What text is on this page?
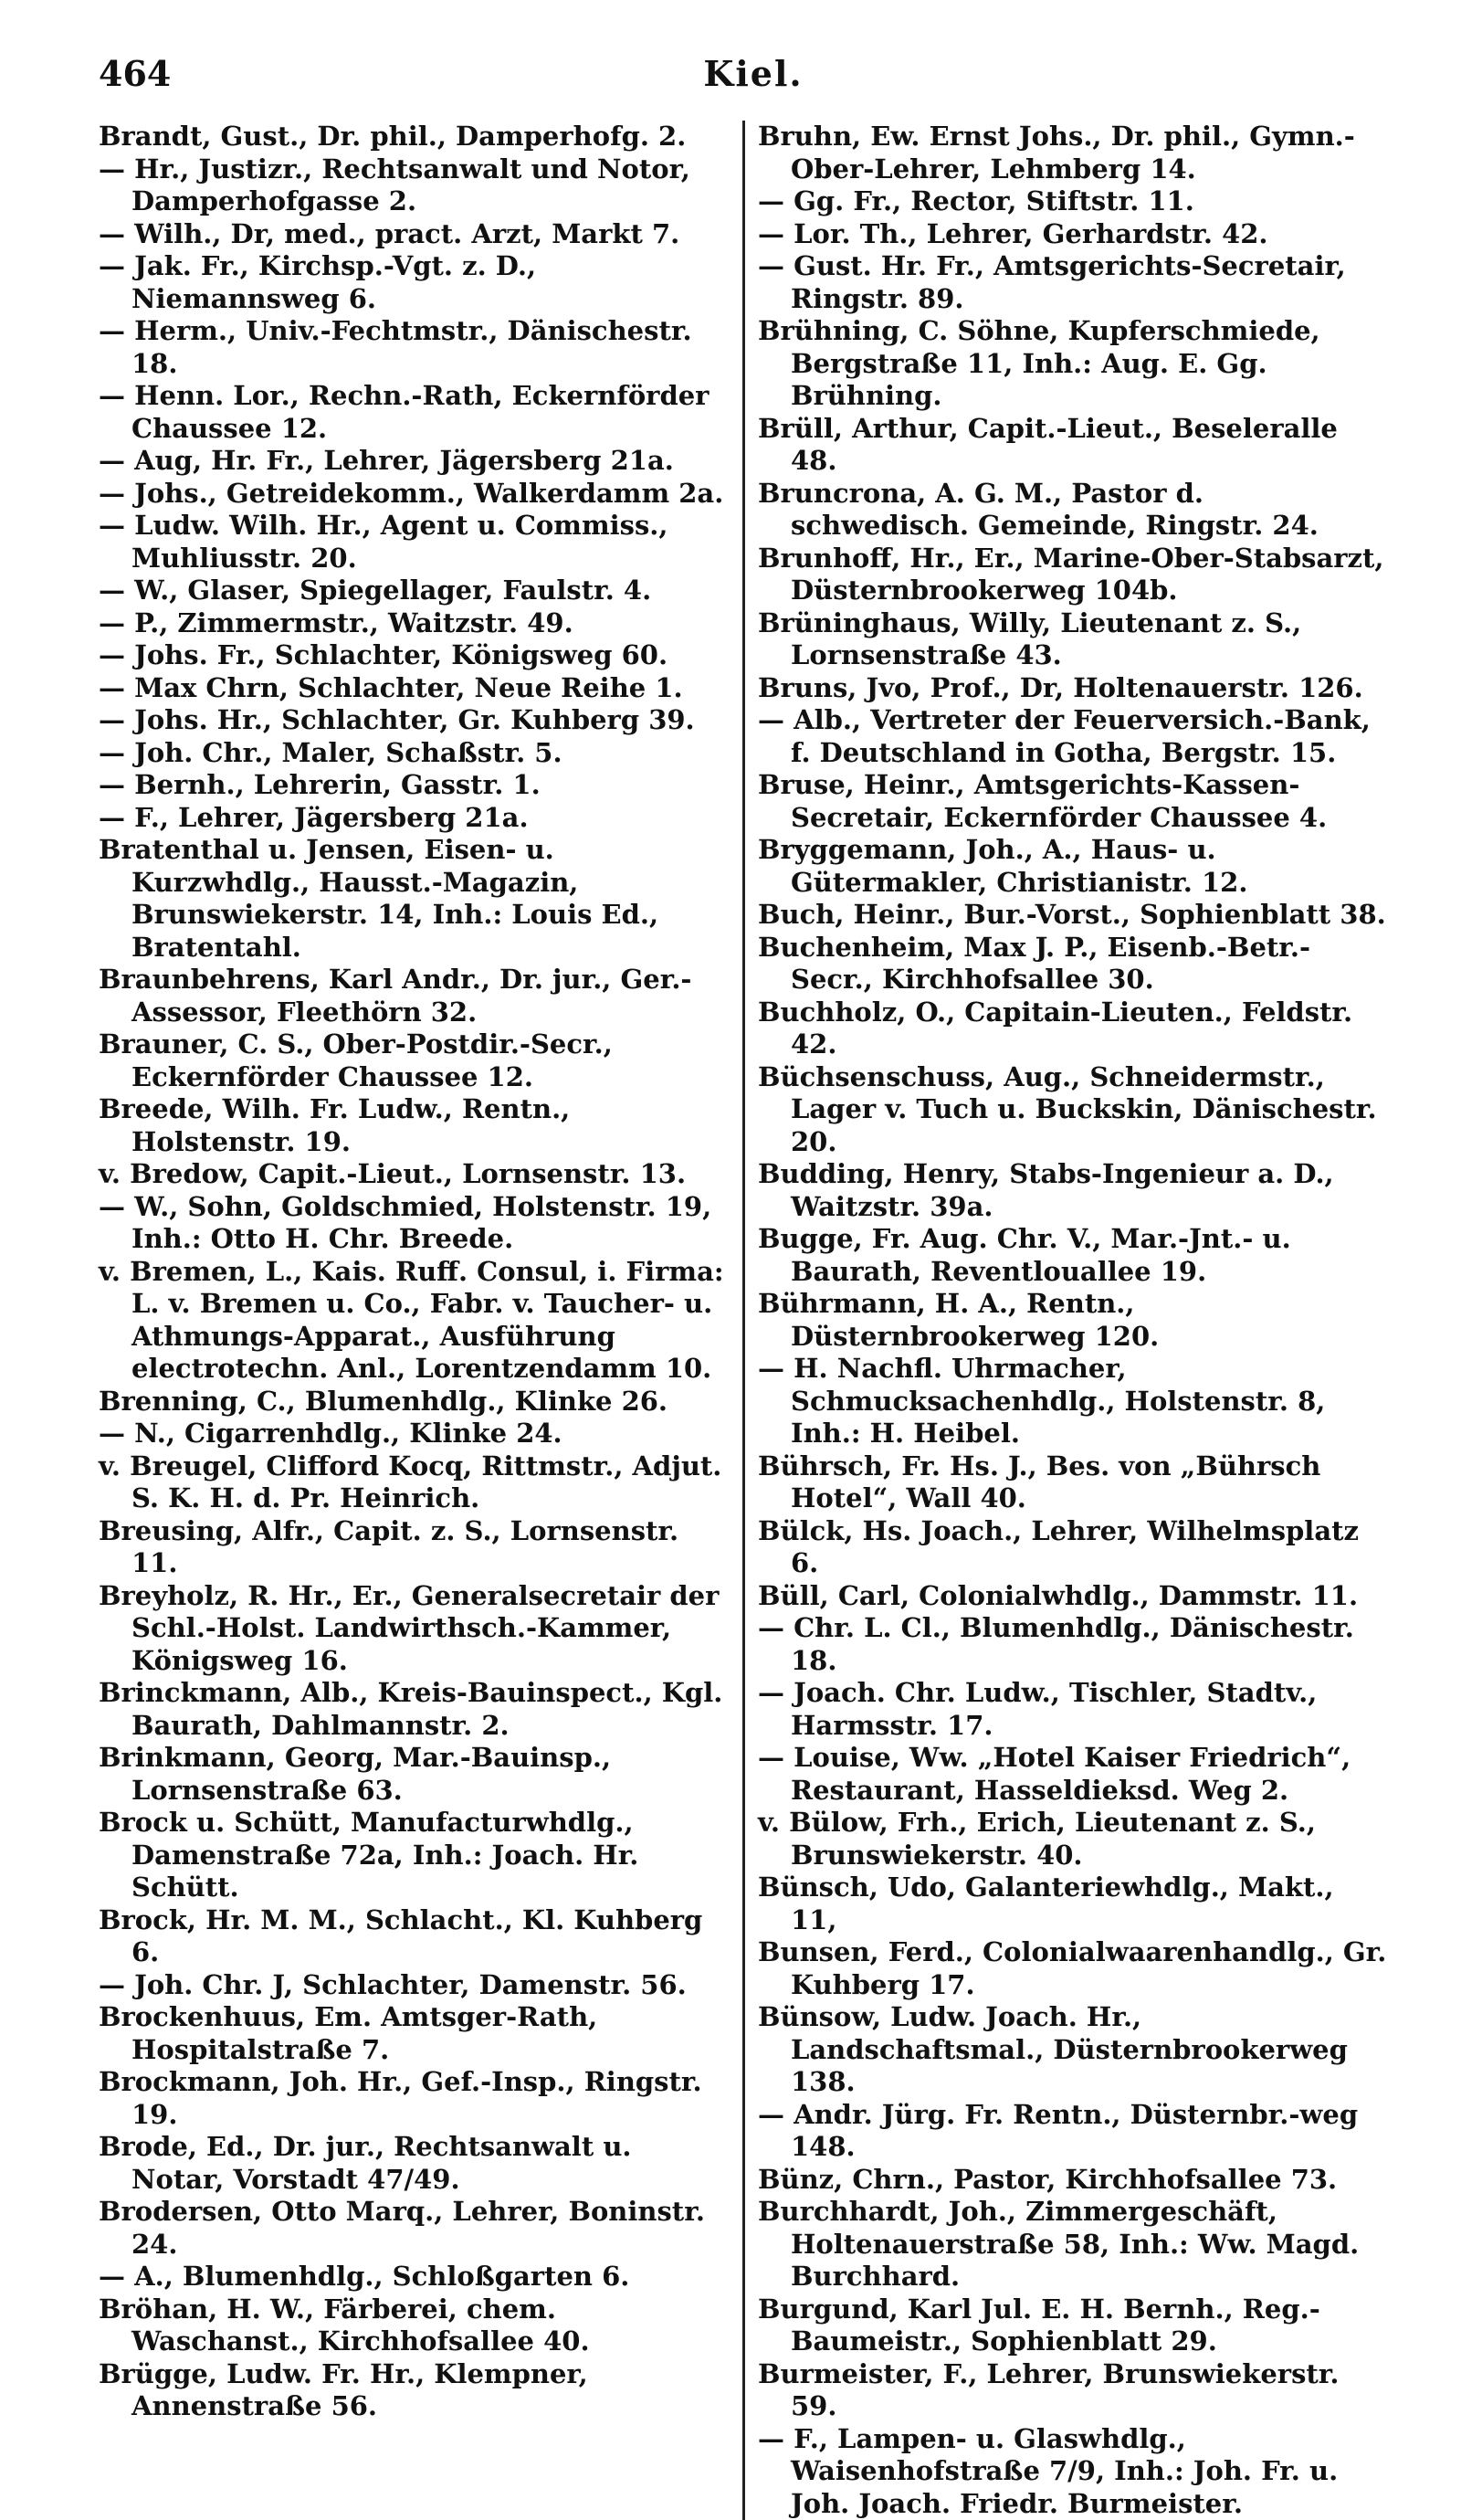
464	Kiel.
Brandt, Gust., Dr. phil., Damperhofg. 2.
— Hr., Justizr., Rechtsanwalt und Notor, Damperhofgasse 2.
— Wilh., Dr, med., pract. Arzt, Markt 7.
— Jak. Fr., Kirchsp.-Vgt. z. D., Niemannsweg 6.
— Herm., Univ.-Fechtmstr., Dänischestr. 18.
— Henn. Lor., Rechn.-Rath, Eckernförder Chaussee 12.
— Aug, Hr. Fr., Lehrer, Jägersberg 21a.
— Johs., Getreidekomm., Walkerdamm 2a.
— Ludw. Wilh. Hr., Agent u. Commiss., Muhliusstr. 20.
— W., Glaser, Spiegellager, Faulstr. 4.
— P., Zimmermstr., Waitzstr. 49.
— Johs. Fr., Schlachter, Königsweg 60.
— Max Chrn, Schlachter, Neue Reihe 1.
— Johs. Hr., Schlachter, Gr. Kuhberg 39.
— Joh. Chr., Maler, Schaßstr. 5.
— Bernh., Lehrerin, Gasstr. 1.
— F., Lehrer, Jägersberg 21a.
Bratenthal u. Jensen, Eisen- u. Kurzwhdlg., Hausst.-Magazin, Brunswiekerstr. 14, Inh.: Louis Ed., Bratentahl.
Braunbehrens, Karl Andr., Dr. jur., Ger.-Assessor, Fleethörn 32.
Brauner, C. S., Ober-Postdir.-Secr., Eckernförder Chaussee 12.
Breede, Wilh. Fr. Ludw., Rentn., Holstenstr. 19.
v. Bredow, Capit.-Lieut., Lornsenstr. 13.
— W., Sohn, Goldschmied, Holstenstr. 19, Inh.: Otto H. Chr. Breede.
v. Bremen, L., Kais. Ruff. Consul, i. Firma: L. v. Bremen u. Co., Fabr. v. Taucher- u. Athmungs-Apparat., Ausführung electrotechn. Anl., Lorentzendamm 10.
Brenning, C., Blumenhdlg., Klinke 26.
— N., Cigarrenhdlg., Klinke 24.
v. Breugel, Clifford Kocq, Rittmstr., Adjut. S. K. H. d. Pr. Heinrich.
Breusing, Alfr., Capit. z. S., Lornsenstr. 11.
Breyholz, R. Hr., Er., Generalsecretair der Schl.-Holst. Landwirthsch.-Kammer, Königsweg 16.
Brinckmann, Alb., Kreis-Bauinspect., Kgl. Baurath, Dahlmannstr. 2.
Brinkmann, Georg, Mar.-Bauinsp., Lornsenstraße 63.
Brock u. Schütt, Manufacturwhdlg., Damenstraße 72a, Inh.: Joach. Hr. Schütt.
Brock, Hr. M. M., Schlacht., Kl. Kuhberg 6.
— Joh. Chr. J, Schlachter, Damenstr. 56.
Brockenhuus, Em. Amtsger-Rath, Hospitalstraße 7.
Brockmann, Joh. Hr., Gef.-Insp., Ringstr. 19.
Brode, Ed., Dr. jur., Rechtsanwalt u. Notar, Vorstadt 47/49.
Brodersen, Otto Marq., Lehrer, Boninstr. 24.
— A., Blumenhdlg., Schloßgarten 6.
Bröhan, H. W., Färberei, chem. Waschanst., Kirchhofsallee 40.
Brügge, Ludw. Fr. Hr., Klempner, Annenstraße 56.
Bruhn, Ew. Ernst Johs., Dr. phil., Gymn.-Ober-Lehrer, Lehmberg 14.
— Gg. Fr., Rector, Stiftstr. 11.
— Lor. Th., Lehrer, Gerhardstr. 42.
— Gust. Hr. Fr., Amtsgerichts-Secretair, Ringstr. 89.
Brühning, C. Söhne, Kupferschmiede, Bergstraße 11, Inh.: Aug. E. Gg. Brühning.
Brüll, Arthur, Capit.-Lieut., Beseleralle 48.
Bruncrona, A. G. M., Pastor d. schwedisch. Gemeinde, Ringstr. 24.
Brunhoff, Hr., Er., Marine-Ober-Stabsarzt, Düsternbrookerweg 104b.
Brüninghaus, Willy, Lieutenant z. S., Lornsenstraße 43.
Bruns, Jvo, Prof., Dr, Holtenauerstr. 126.
— Alb., Vertreter der Feuerversich.-Bank, f. Deutschland in Gotha, Bergstr. 15.
Bruse, Heinr., Amtsgerichts-Kassen-Secretair, Eckernförder Chaussee 4.
Bryggemann, Joh., A., Haus- u. Gütermakler, Christianistr. 12.
Buch, Heinr., Bur.-Vorst., Sophienblatt 38.
Buchenheim, Max J. P., Eisenb.-Betr.-Secr., Kirchhofsallee 30.
Buchholz, O., Capitain-Lieuten., Feldstr. 42.
Büchsenschuss, Aug., Schneidermstr., Lager v. Tuch u. Buckskin, Dänischestr. 20.
Budding, Henry, Stabs-Ingenieur a. D., Waitzstr. 39a.
Bugge, Fr. Aug. Chr. V., Mar.-Jnt.- u. Baurath, Reventlouallee 19.
Bührmann, H. A., Rentn., Düsternbrookerweg 120.
— H. Nachfl. Uhrmacher, Schmucksachenhdlg., Holstenstr. 8, Inh.: H. Heibel.
Bührsch, Fr. Hs. J., Bes. von „Bührsch Hotel“, Wall 40.
Bülck, Hs. Joach., Lehrer, Wilhelmsplatz 6.
Büll, Carl, Colonialwhdlg., Dammstr. 11.
— Chr. L. Cl., Blumenhdlg., Dänischestr. 18.
— Joach. Chr. Ludw., Tischler, Stadtv., Harmsstr. 17.
— Louise, Ww. „Hotel Kaiser Friedrich“, Restaurant, Hasseldieksd. Weg 2.
v. Bülow, Frh., Erich, Lieutenant z. S., Brunswiekerstr. 40.
Bünsch, Udo, Galanteriewhdlg., Makt., 11,
Bunsen, Ferd., Colonialwaarenhandlg., Gr. Kuhberg 17.
Bünsow, Ludw. Joach. Hr., Landschaftsmal., Düsternbrookerweg 138.
— Andr. Jürg. Fr. Rentn., Düsternbr.-weg 148.
Bünz, Chrn., Pastor, Kirchhofsallee 73.
Burchhardt, Joh., Zimmergeschäft, Holtenauerstraße 58, Inh.: Ww. Magd. Burchhard.
Burgund, Karl Jul. E. H. Bernh., Reg.-Baumeistr., Sophienblatt 29.
Burmeister, F., Lehrer, Brunswiekerstr. 59.
— F., Lampen- u. Glaswhdlg., Waisenhofstraße 7/9, Inh.: Joh. Fr. u. Joh. Joach. Friedr. Burmeister.
